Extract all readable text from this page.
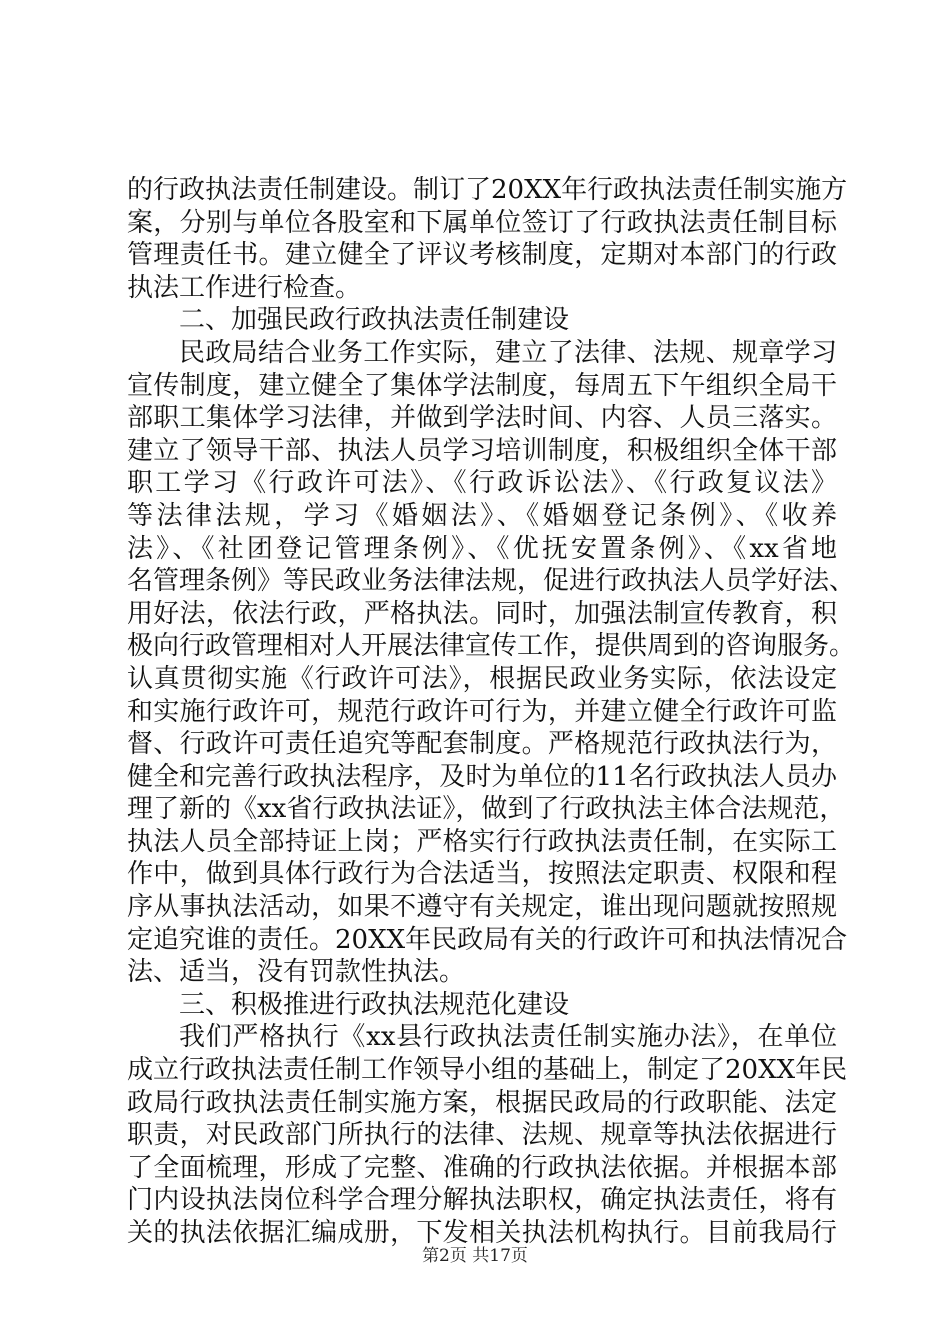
的行政执法责任制建设。制订了20XX年行政执法责任制实施方
案，分别与单位各股室和下属单位签订了行政执法责任制目标
管理责任书。建立健全了评议考核制度，定期对本部门的行政
执法工作进行检查。
二、加强民政行政执法责任制建设
民政局结合业务工作实际，建立了法律、法规、规章学习
宣传制度，建立健全了集体学法制度，每周五下午组织全局干
部职工集体学习法律，并做到学法时间、内容、人员三落实。
建立了领导干部、执法人员学习培训制度，积极组织全体干部
职工学习《行政许可法》、《行政诉讼法》、《行政复议法》
等法律法规，学习《婚姻法》、《婚姻登记条例》、《收养
法》、《社团登记管理条例》、《优抚安置条例》、《xx省地
名管理条例》等民政业务法律法规，促进行政执法人员学好法、
用好法，依法行政，严格执法。同时，加强法制宣传教育，积
极向行政管理相对人开展法律宣传工作，提供周到的咨询服务。
认真贯彻实施《行政许可法》，根据民政业务实际，依法设定
和实施行政许可，规范行政许可行为，并建立健全行政许可监
督、行政许可责任追究等配套制度。严格规范行政执法行为，
健全和完善行政执法程序，及时为单位的11名行政执法人员办
理了新的《xx省行政执法证》，做到了行政执法主体合法规范，
执法人员全部持证上岗；严格实行行政执法责任制，在实际工
作中，做到具体行政行为合法适当，按照法定职责、权限和程
序从事执法活动，如果不遵守有关规定，谁出现问题就按照规
定追究谁的责任。20XX年民政局有关的行政许可和执法情况合
法、适当，没有罚款性执法。
三、积极推进行政执法规范化建设
我们严格执行《xx县行政执法责任制实施办法》，在单位
成立行政执法责任制工作领导小组的基础上，制定了20XX年民
政局行政执法责任制实施方案，根据民政局的行政职能、法定
职责，对民政部门所执行的法律、法规、规章等执法依据进行
了全面梳理，形成了完整、准确的行政执法依据。并根据本部
门内设执法岗位科学合理分解执法职权，确定执法责任，将有
关的执法依据汇编成册，下发相关执法机构执行。目前我局行
第2页 共17页
